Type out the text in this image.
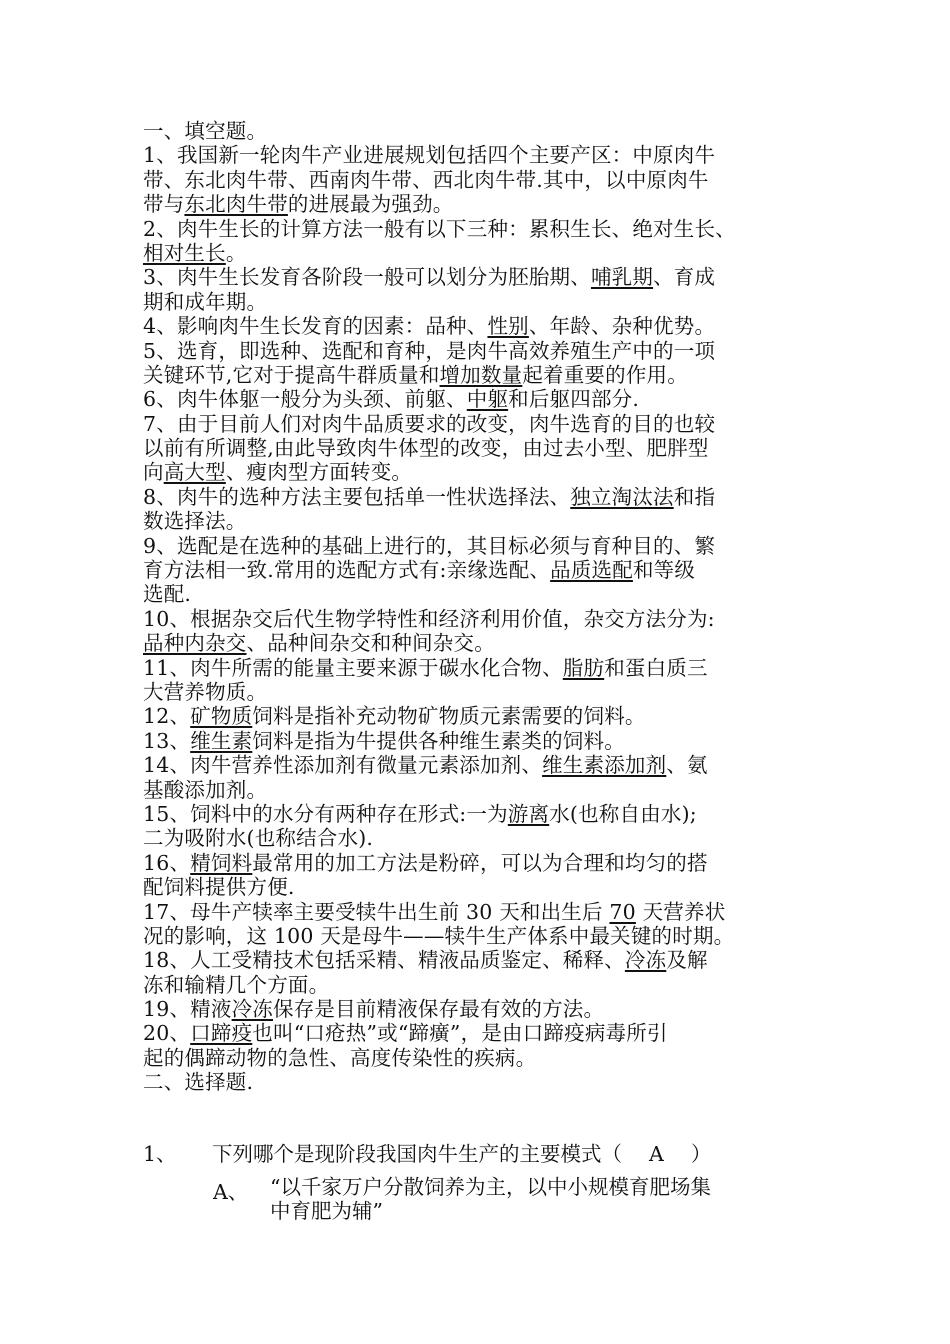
一、填空题。
1、我国新一轮肉牛产业进展规划包括四个主要产区：中原肉牛
带、东北肉牛带、西南肉牛带、西北肉牛带.其中，以中原肉牛
带与东北肉牛带的进展最为强劲。
2、肉牛生长的计算方法一般有以下三种：累积生长、绝对生长、
相对生长。
3、肉牛生长发育各阶段一般可以划分为胚胎期、哺乳期、育成
期和成年期。
4、影响肉牛生长发育的因素：品种、性别、年龄、杂种优势。
5、选育，即选种、选配和育种，是肉牛高效养殖生产中的一项
关键环节,它对于提高牛群质量和增加数量起着重要的作用。
6、肉牛体躯一般分为头颈、前躯、中躯和后躯四部分.
7、由于目前人们对肉牛品质要求的改变，肉牛选育的目的也较
以前有所调整,由此导致肉牛体型的改变，由过去小型、肥胖型
向高大型、瘦肉型方面转变。
8、肉牛的选种方法主要包括单一性状选择法、独立淘汰法和指
数选择法。
9、选配是在选种的基础上进行的，其目标必须与育种目的、繁
育方法相一致.常用的选配方式有:亲缘选配、品质选配和等级
选配.
10、根据杂交后代生物学特性和经济利用价值，杂交方法分为:
品种内杂交、品种间杂交和种间杂交。
11、肉牛所需的能量主要来源于碳水化合物、脂肪和蛋白质三
大营养物质。
12、矿物质饲料是指补充动物矿物质元素需要的饲料。
13、维生素饲料是指为牛提供各种维生素类的饲料。
14、肉牛营养性添加剂有微量元素添加剂、维生素添加剂、氨
基酸添加剂。
15、饲料中的水分有两种存在形式:一为游离水(也称自由水);
二为吸附水(也称结合水).
16、精饲料最常用的加工方法是粉碎，可以为合理和均匀的搭
配饲料提供方便.
17、母牛产犊率主要受犊牛出生前 30 天和出生后 70 天营养状
况的影响，这 100 天是母牛——犊牛生产体系中最关键的时期。
18、人工受精技术包括采精、精液品质鉴定、稀释、冷冻及解
冻和输精几个方面。
19、精液冷冻保存是目前精液保存最有效的方法。
20、口蹄疫也叫“口疮热”或“蹄癀”，是由口蹄疫病毒所引
起的偶蹄动物的急性、高度传染性的疾病。
二、选择题.
1、 下列哪个是现阶段我国肉牛生产的主要模式（　 A 　）
A、 “以千家万户分散饲养为主，以中小规模育肥场集
中育肥为辅”
